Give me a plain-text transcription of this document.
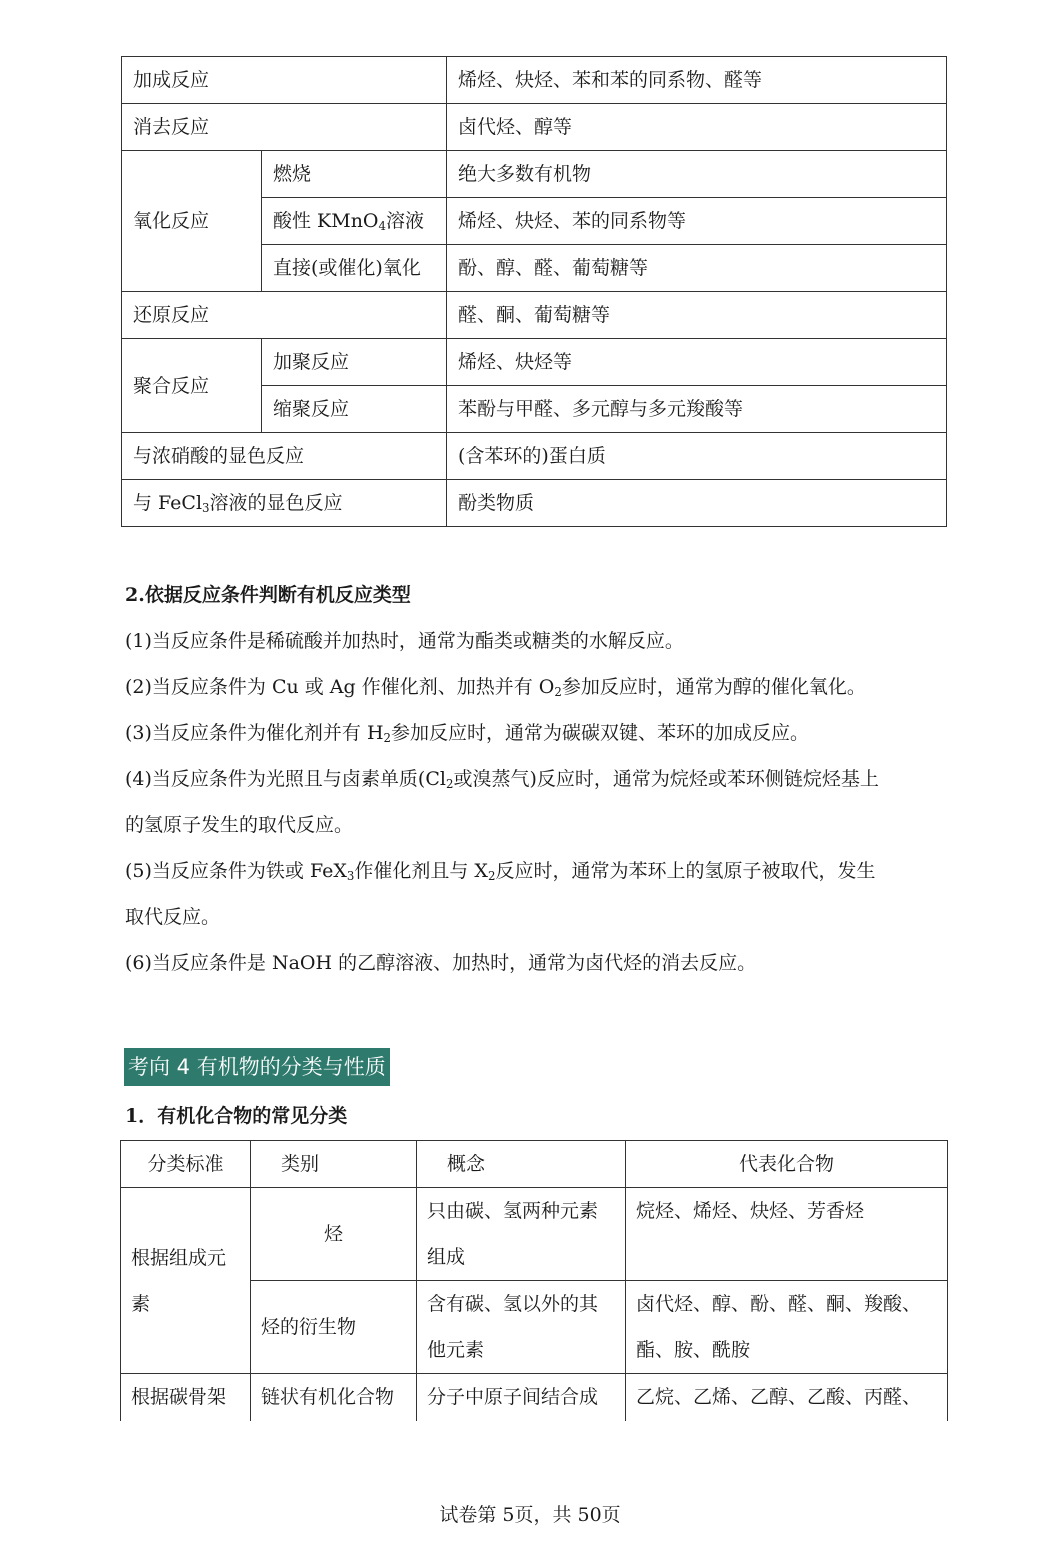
加成反应		烯烃、炔烃、苯和苯的同系物、醛等
消去反应		卤代烃、醇等
氧化反应	燃烧	绝大多数有机物
	酸性 KMnO$_4$溶液	烯烃、炔烃、苯的同系物等
	直接(或催化)氧化	酚、醇、醛、葡萄糖等
还原反应		醛、酮、葡萄糖等
聚合反应	加聚反应	烯烃、炔烃等
	缩聚反应	苯酚与甲醛、多元醇与多元羧酸等
与浓硝酸的显色反应		(含苯环的)蛋白质
与 FeCl$_3$溶液的显色反应		酚类物质

2.依据反应条件判断有机反应类型

(1)当反应条件是稀硫酸并加热时，通常为酯类或糖类的水解反应。

(2)当反应条件为 Cu 或 Ag 作催化剂、加热并有 $O_2$参加反应时，通常为醇的催化氧化。

(3)当反应条件为催化剂并有 $H_2$参加反应时，通常为碳碳双键、苯环的加成反应。

(4)当反应条件为光照且与卤素单质($Cl_2$或溴蒸气)反应时，通常为烷烃或苯环侧链烷烃基上
的氢原子发生的取代反应。

(5)当反应条件为铁或 FeX$_3$作催化剂且与 $X_2$反应时，通常为苯环上的氢原子被取代，发生
取代反应。

(6)当反应条件是 NaOH 的乙醇溶液、加热时，通常为卤代烃的消去反应。

考向 4 有机物的分类与性质

1．有机化合物的常见分类

分类标准	类别	概念	代表化合物
根据组成元素	烃	只由碳、氢两种元素组成	烷烃、烯烃、炔烃、芳香烃
	烃的衍生物	含有碳、氢以外的其他元素	卤代烃、醇、酚、醛、酮、羧酸、酯、胺、酰胺
根据碳骨架	链状有机化合物	分子中原子间结合成	乙烷、乙烯、乙醇、乙酸、丙醛、
试卷第 5页，共 50页
